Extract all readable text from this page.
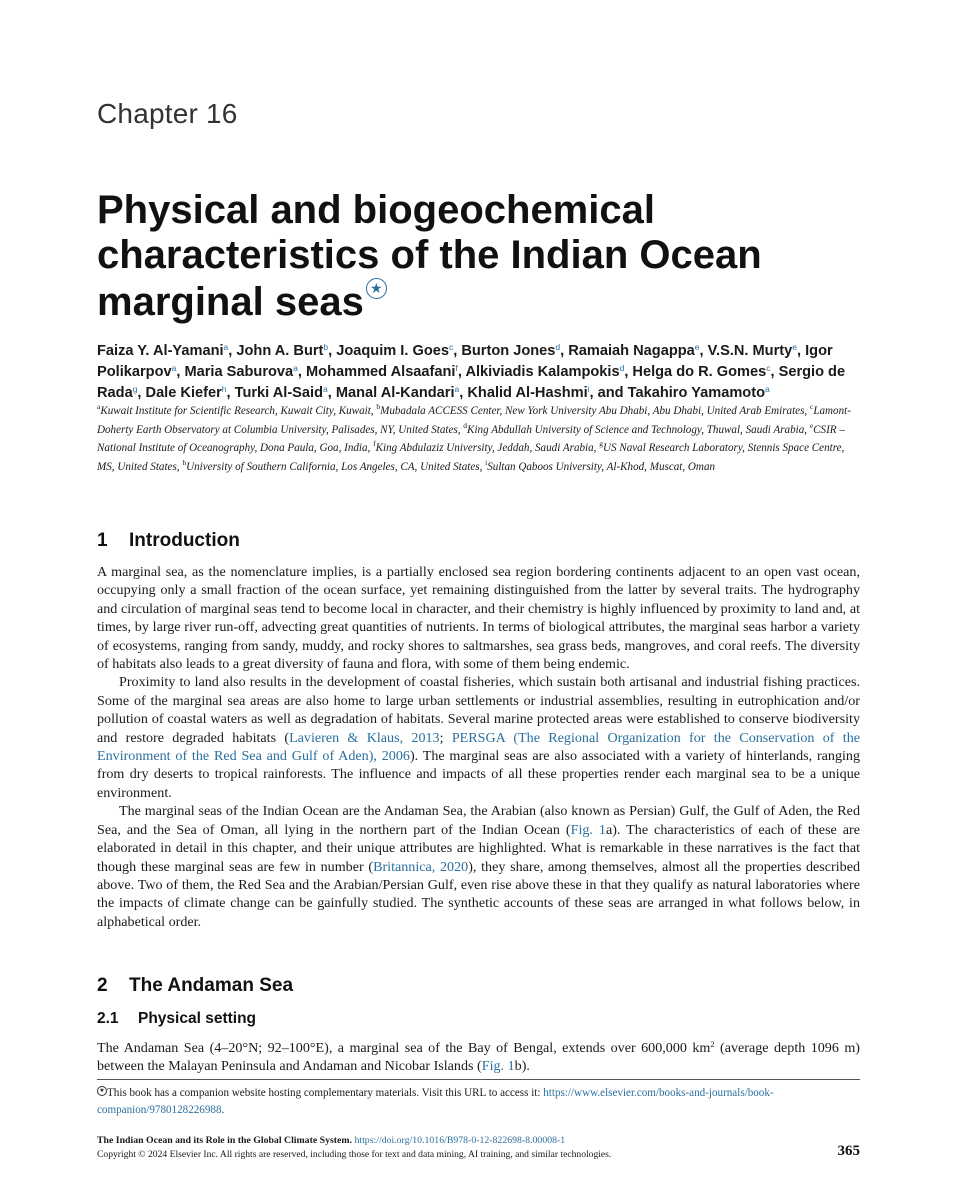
Chapter 16
Physical and biogeochemical
characteristics of the Indian Ocean
marginal seas ★
Faiza Y. Al-Yamani$^a$, John A. Burt$^b$, Joaquim I. Goes$^c$, Burton Jones$^d$, Ramaiah Nagappa$^e$, V.S.N. Murty$^e$, Igor Polikarpov$^a$, Maria Saburova$^a$, Mohammed Alsaafani$^f$, Alkiviadis Kalampokis$^d$, Helga do R. Gomes$^c$, Sergio de Rada$^g$, Dale Kiefer$^h$, Turki Al-Said$^a$, Manal Al-Kandari$^a$, Khalid Al-Hashmi$^i$, and Takahiro Yamamoto$^a$
$^a$Kuwait Institute for Scientific Research, Kuwait City, Kuwait, $^b$Mubadala ACCESS Center, New York University Abu Dhabi, Abu Dhabi, United Arab Emirates, $^c$Lamont-Doherty Earth Observatory at Columbia University, Palisades, NY, United States, $^d$King Abdullah University of Science and Technology, Thuwal, Saudi Arabia, $^e$CSIR – National Institute of Oceanography, Dona Paula, Goa, India, $^f$King Abdulaziz University, Jeddah, Saudi Arabia, $^g$US Naval Research Laboratory, Stennis Space Centre, MS, United States, $^h$University of Southern California, Los Angeles, CA, United States, $^i$Sultan Qaboos University, Al-Khod, Muscat, Oman
1 Introduction

A marginal sea, as the nomenclature implies, is a partially enclosed sea region bordering continents adjacent to an open vast ocean, occupying only a small fraction of the ocean surface, yet remaining distinguished from the latter by several traits. The hydrography and circulation of marginal seas tend to become local in character, and their chemistry is highly influenced by proximity to land and, at times, by large river run-off, advecting great quantities of nutrients. In terms of biological attributes, the marginal seas harbor a variety of ecosystems, ranging from sandy, muddy, and rocky shores to saltmarshes, sea grass beds, mangroves, and coral reefs. The diversity of habitats also leads to a great diversity of fauna and flora, with some of them being endemic.

Proximity to land also results in the development of coastal fisheries, which sustain both artisanal and industrial fishing practices. Some of the marginal sea areas are also home to large urban settlements or industrial assemblies, resulting in eutrophication and/or pollution of coastal waters as well as degradation of habitats. Several marine protected areas were established to conserve biodiversity and restore degraded habitats (Lavieren & Klaus, 2013; PERSGA (The Regional Organization for the Conservation of the Environment of the Red Sea and Gulf of Aden), 2006). The marginal seas are also associated with a variety of hinterlands, ranging from dry deserts to tropical rainforests. The influence and impacts of all these properties render each marginal sea to be a unique environment.

The marginal seas of the Indian Ocean are the Andaman Sea, the Arabian (also known as Persian) Gulf, the Gulf of Aden, the Red Sea, and the Sea of Oman, all lying in the northern part of the Indian Ocean (Fig. 1a). The characteristics of each of these are elaborated in detail in this chapter, and their unique attributes are highlighted. What is remarkable in these narratives is the fact that though these marginal seas are few in number (Britannica, 2020), they share, among themselves, almost all the properties described above. Two of them, the Red Sea and the Arabian/Persian Gulf, even rise above these in that they qualify as natural laboratories where the impacts of climate change can be gainfully studied. The synthetic accounts of these seas are arranged in what follows below, in alphabetical order.

2 The Andaman Sea
2.1 Physical setting

The Andaman Sea (4–20°N; 92–100°E), a marginal sea of the Bay of Bengal, extends over 600,000 $km^2$ (average depth 1096 m) between the Malayan Peninsula and Andaman and Nicobar Islands (Fig. 1b).

★ This book has a companion website hosting complementary materials. Visit this URL to access it: https://www.elsevier.com/books-and-journals/book-companion/9780128226988.
The Indian Ocean and its Role in the Global Climate System. https://doi.org/10.1016/B978-0-12-822698-8.00008-1
Copyright © 2024 Elsevier Inc. All rights are reserved, including those for text and data mining, AI training, and similar technologies.	365
